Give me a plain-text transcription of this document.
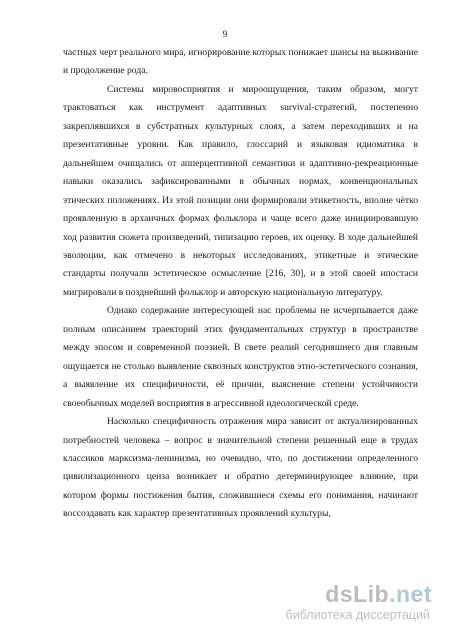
9

частных черт реального мира, игнорирование которых понижает шансы на выживание и продолжение рода.

Системы мировосприятия и мироощущения, таким образом, могут трактоваться как инструмент адаптивных survival-стратегий, постепенно закреплявшихся в субстратных культурных слоях, а затем переходивших и на презентативные уровни. Как правило, глоссарий и языковая идиоматика в дальнейшем очищались от апперцептивной семантики и адаптивно-рекреационные навыки оказались зафиксированными в обычных нормах, конвенциональных этических положениях. Из этой позиции они формировали этикетность, вполне чётко проявленную в архаичных формах фольклора и чаще всего даже инициировавшую ход развития сюжета произведений, типизацию героев, их оценку. В ходе дальнейшей эволюции, как отмечено в некоторых исследованиях, этикетные и этические стандарты получали эстетическое осмысление [216, 30], и в этой своей ипостаси мигрировали в позднейший фольклор и авторскую национальную литературу.

Однако содержание интересующей нас проблемы не исчерпывается даже полным описанием траекторий этих фундаментальных структур в пространстве между эпосом и современной поэзией. В свете реалий сегодняшнего дня главным ощущается не столько выявление сквозных конструктов этно-эстетического сознания, а выявление их специфичности, её причин, выяснение степени устойчивости своеобычных моделей восприятия в агрессивной идеологической среде.

Насколько специфичность отражения мира зависит от актуализированных потребностей человека – вопрос в значительной степени решенный еще в трудах классиков марксизма-ленинизма, но очевидно, что, по достижении определенного цивилизационного ценза возникает и обратно детерминирующее влияние, при котором формы постижения бытия, сложившиеся схемы его понимания, начинают воссоздавать как характер презентативных проявлений культуры,

dsLib.net
библиотека диссертаций
